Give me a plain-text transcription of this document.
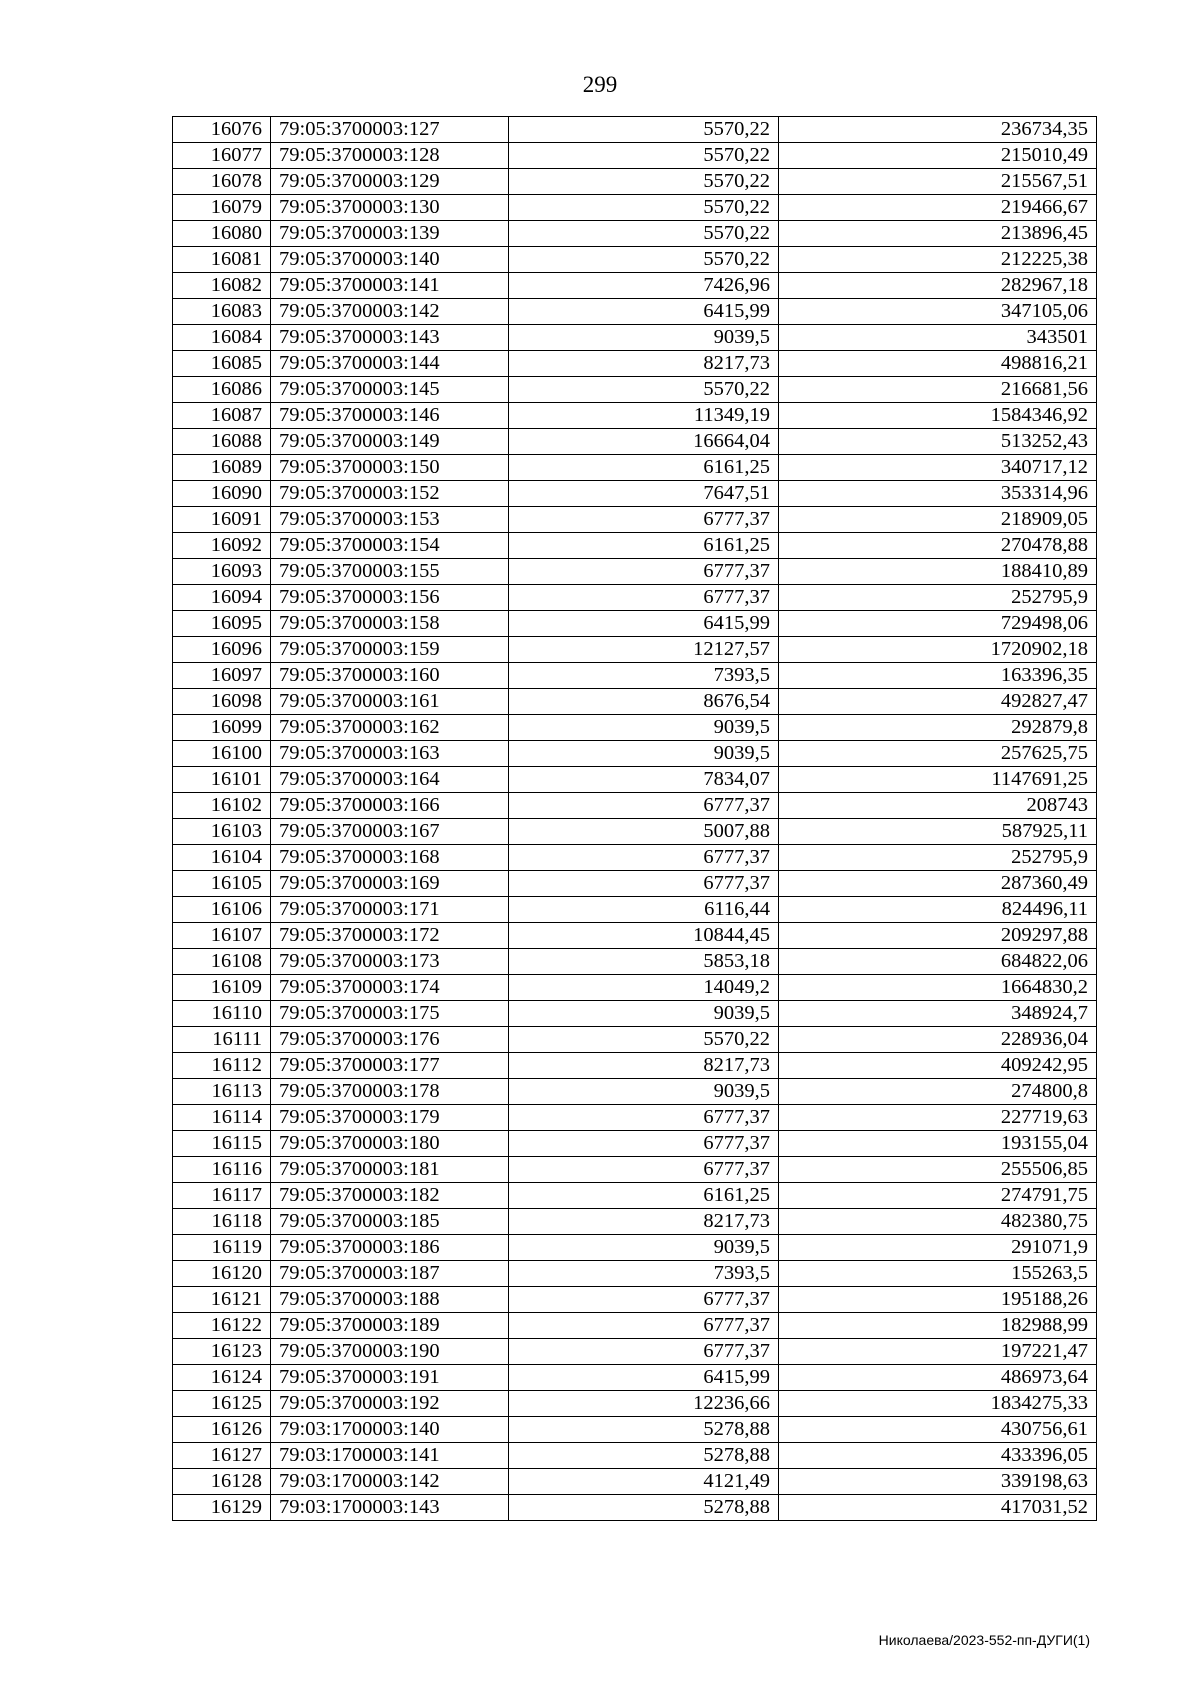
299
16076	79:05:3700003:127	5570,22	236734,35
16077	79:05:3700003:128	5570,22	215010,49
16078	79:05:3700003:129	5570,22	215567,51
16079	79:05:3700003:130	5570,22	219466,67
16080	79:05:3700003:139	5570,22	213896,45
16081	79:05:3700003:140	5570,22	212225,38
16082	79:05:3700003:141	7426,96	282967,18
16083	79:05:3700003:142	6415,99	347105,06
16084	79:05:3700003:143	9039,5	343501
16085	79:05:3700003:144	8217,73	498816,21
16086	79:05:3700003:145	5570,22	216681,56
16087	79:05:3700003:146	11349,19	1584346,92
16088	79:05:3700003:149	16664,04	513252,43
16089	79:05:3700003:150	6161,25	340717,12
16090	79:05:3700003:152	7647,51	353314,96
16091	79:05:3700003:153	6777,37	218909,05
16092	79:05:3700003:154	6161,25	270478,88
16093	79:05:3700003:155	6777,37	188410,89
16094	79:05:3700003:156	6777,37	252795,9
16095	79:05:3700003:158	6415,99	729498,06
16096	79:05:3700003:159	12127,57	1720902,18
16097	79:05:3700003:160	7393,5	163396,35
16098	79:05:3700003:161	8676,54	492827,47
16099	79:05:3700003:162	9039,5	292879,8
16100	79:05:3700003:163	9039,5	257625,75
16101	79:05:3700003:164	7834,07	1147691,25
16102	79:05:3700003:166	6777,37	208743
16103	79:05:3700003:167	5007,88	587925,11
16104	79:05:3700003:168	6777,37	252795,9
16105	79:05:3700003:169	6777,37	287360,49
16106	79:05:3700003:171	6116,44	824496,11
16107	79:05:3700003:172	10844,45	209297,88
16108	79:05:3700003:173	5853,18	684822,06
16109	79:05:3700003:174	14049,2	1664830,2
16110	79:05:3700003:175	9039,5	348924,7
16111	79:05:3700003:176	5570,22	228936,04
16112	79:05:3700003:177	8217,73	409242,95
16113	79:05:3700003:178	9039,5	274800,8
16114	79:05:3700003:179	6777,37	227719,63
16115	79:05:3700003:180	6777,37	193155,04
16116	79:05:3700003:181	6777,37	255506,85
16117	79:05:3700003:182	6161,25	274791,75
16118	79:05:3700003:185	8217,73	482380,75
16119	79:05:3700003:186	9039,5	291071,9
16120	79:05:3700003:187	7393,5	155263,5
16121	79:05:3700003:188	6777,37	195188,26
16122	79:05:3700003:189	6777,37	182988,99
16123	79:05:3700003:190	6777,37	197221,47
16124	79:05:3700003:191	6415,99	486973,64
16125	79:05:3700003:192	12236,66	1834275,33
16126	79:03:1700003:140	5278,88	430756,61
16127	79:03:1700003:141	5278,88	433396,05
16128	79:03:1700003:142	4121,49	339198,63
16129	79:03:1700003:143	5278,88	417031,52
Николаева/2023-552-пп-ДУГИ(1)
